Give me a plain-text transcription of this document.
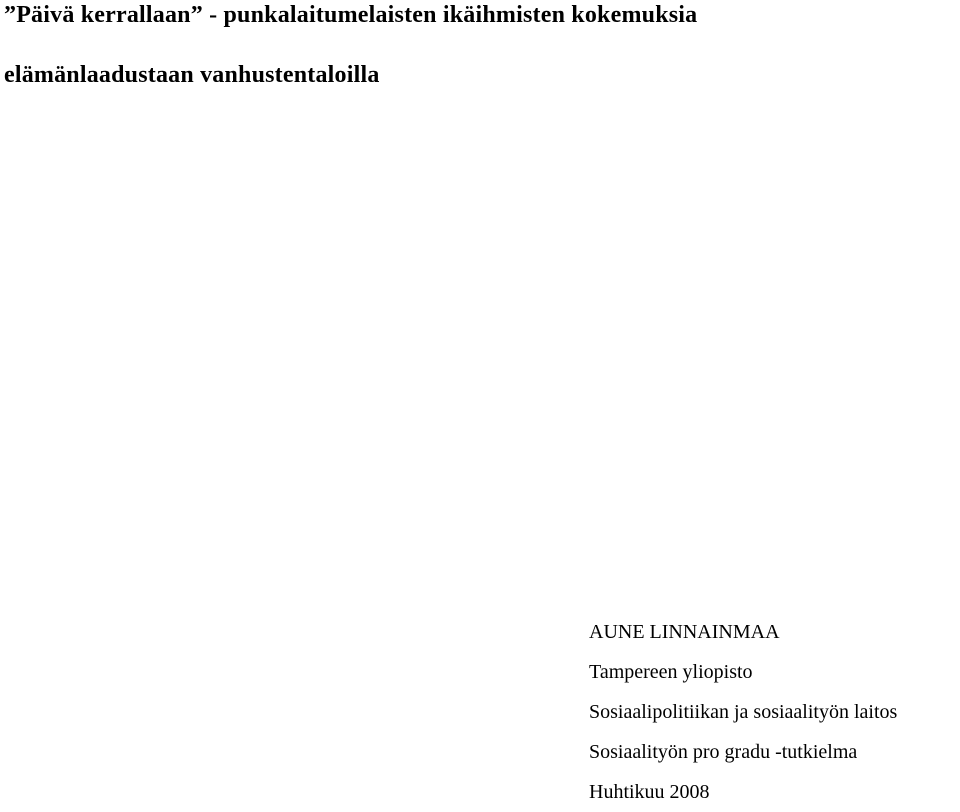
”Päivä kerrallaan” - punkalaitumelaisten ikäihmisten kokemuksia

elämänlaadustaan vanhustentaloilla

AUNE LINNAINMAA

Tampereen yliopisto

Sosiaalipolitiikan ja sosiaalityön laitos

Sosiaalityön pro gradu -tutkielma

Huhtikuu 2008
